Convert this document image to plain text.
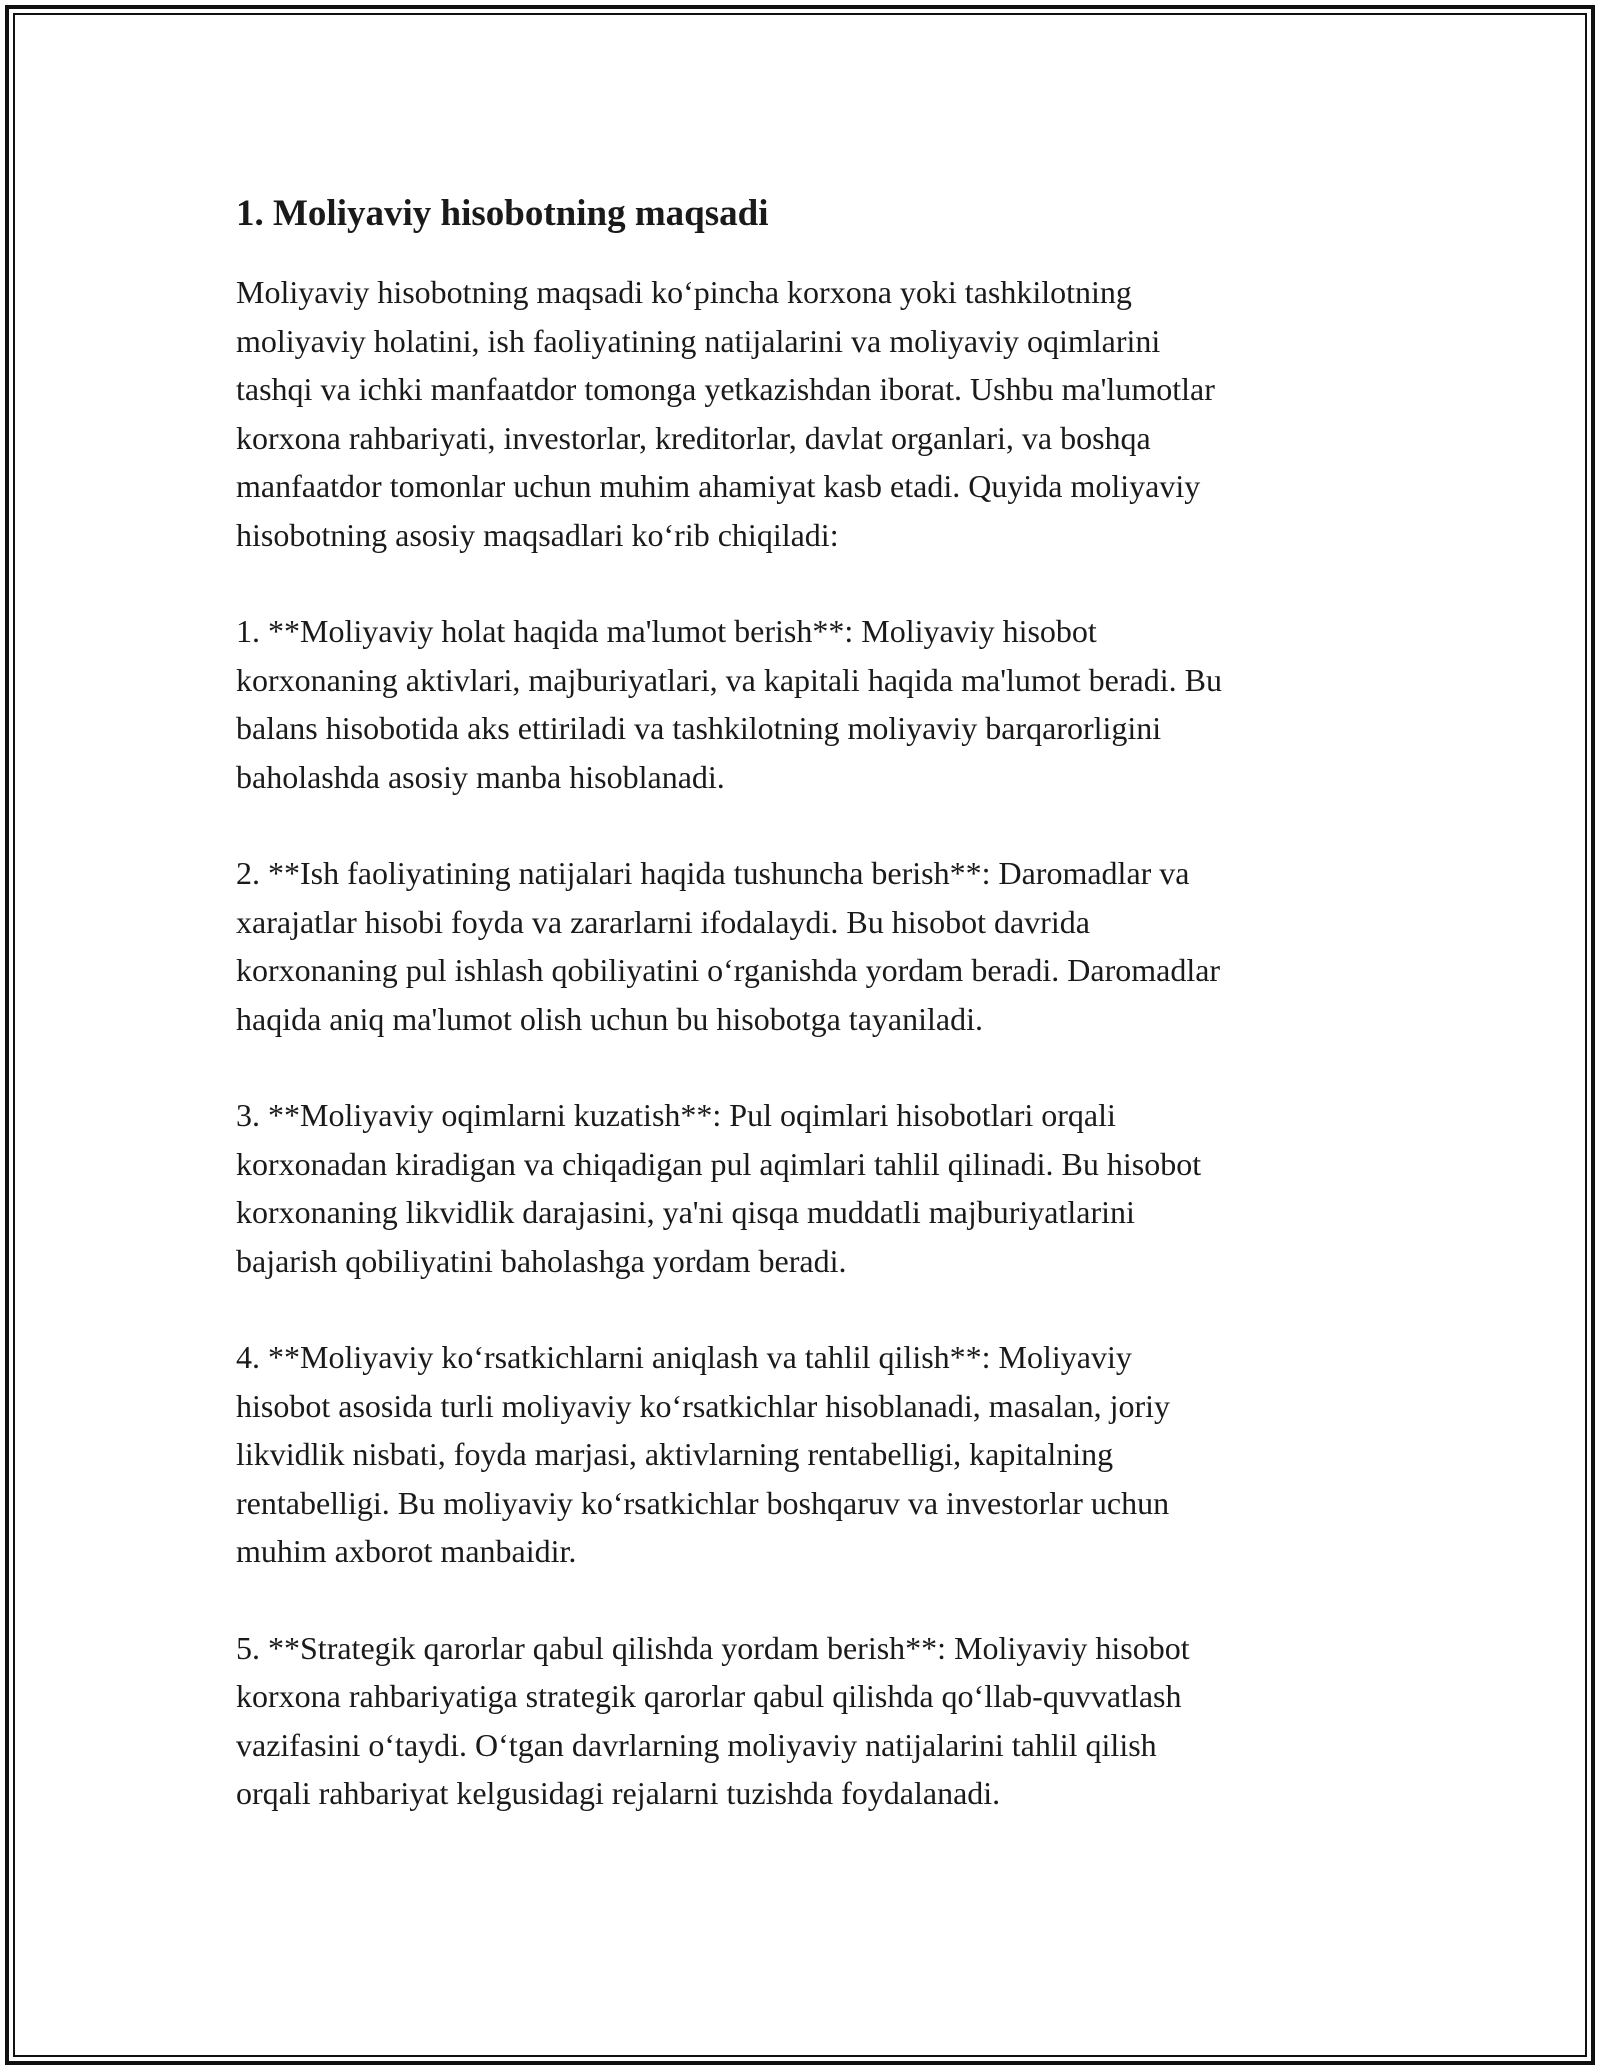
1. Moliyaviy hisobotning maqsadi

Moliyaviy hisobotning maqsadi ko‘pincha korxona yoki tashkilotning
moliyaviy holatini, ish faoliyatining natijalarini va moliyaviy oqimlarini
tashqi va ichki manfaatdor tomonga yetkazishdan iborat. Ushbu ma'lumotlar
korxona rahbariyati, investorlar, kreditorlar, davlat organlari, va boshqa
manfaatdor tomonlar uchun muhim ahamiyat kasb etadi. Quyida moliyaviy
hisobotning asosiy maqsadlari ko‘rib chiqiladi:

1. **Moliyaviy holat haqida ma'lumot berish**: Moliyaviy hisobot
korxonaning aktivlari, majburiyatlari, va kapitali haqida ma'lumot beradi. Bu
balans hisobotida aks ettiriladi va tashkilotning moliyaviy barqarorligini
baholashda asosiy manba hisoblanadi.

2. **Ish faoliyatining natijalari haqida tushuncha berish**: Daromadlar va
xarajatlar hisobi foyda va zararlarni ifodalaydi. Bu hisobot davrida
korxonaning pul ishlash qobiliyatini o‘rganishda yordam beradi. Daromadlar
haqida aniq ma'lumot olish uchun bu hisobotga tayaniladi.

3. **Moliyaviy oqimlarni kuzatish**: Pul oqimlari hisobotlari orqali
korxonadan kiradigan va chiqadigan pul aqimlari tahlil qilinadi. Bu hisobot
korxonaning likvidlik darajasini, ya'ni qisqa muddatli majburiyatlarini
bajarish qobiliyatini baholashga yordam beradi.

4. **Moliyaviy ko‘rsatkichlarni aniqlash va tahlil qilish**: Moliyaviy
hisobot asosida turli moliyaviy ko‘rsatkichlar hisoblanadi, masalan, joriy
likvidlik nisbati, foyda marjasi, aktivlarning rentabelligi, kapitalning
rentabelligi. Bu moliyaviy ko‘rsatkichlar boshqaruv va investorlar uchun
muhim axborot manbaidir.

5. **Strategik qarorlar qabul qilishda yordam berish**: Moliyaviy hisobot
korxona rahbariyatiga strategik qarorlar qabul qilishda qo‘llab-quvvatlash
vazifasini o‘taydi. O‘tgan davrlarning moliyaviy natijalarini tahlil qilish
orqali rahbariyat kelgusidagi rejalarni tuzishda foydalanadi.
